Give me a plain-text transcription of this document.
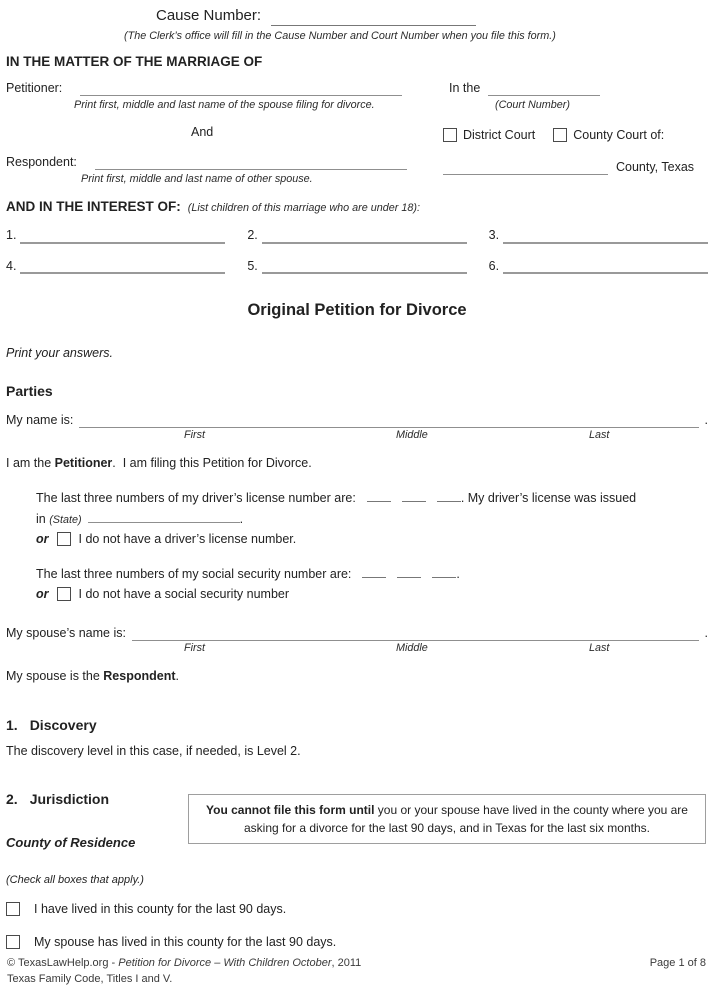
Cause Number:
(The Clerk’s office will fill in the Cause Number and Court Number when you file this form.)
IN THE MATTER OF THE MARRIAGE OF
Petitioner:
Print first, middle and last name of the spouse filing for divorce.
And
Respondent:
Print first, middle and last name of other spouse.
In the
(Court Number)
District Court	County Court of:
County, Texas
AND IN THE INTEREST OF: (List children of this marriage who are under 18):
1.	2.	3.
4.	5.	6.
Original Petition for Divorce
Print your answers.
Parties
My name is:	.
First	Middle	Last
I am the Petitioner.  I am filing this Petition for Divorce.
The last three numbers of my driver’s license number are:	. My driver’s license was issued
in (State)	.
or I do not have a driver’s license number.
The last three numbers of my social security number are:	.
or I do not have a social security number
My spouse’s name is:	.
First	Middle	Last
My spouse is the Respondent.
1. Discovery
The discovery level in this case, if needed, is Level 2.
2. Jurisdiction
You cannot file this form until you or your spouse have lived in the county where you are asking for a divorce for the last 90 days, and in Texas for the last six months.
County of Residence
(Check all boxes that apply.)
I have lived in this county for the last 90 days.
My spouse has lived in this county for the last 90 days.
© TexasLawHelp.org - Petition for Divorce – With Children October, 2011
Texas Family Code, Titles I and V.
Page 1 of 8
